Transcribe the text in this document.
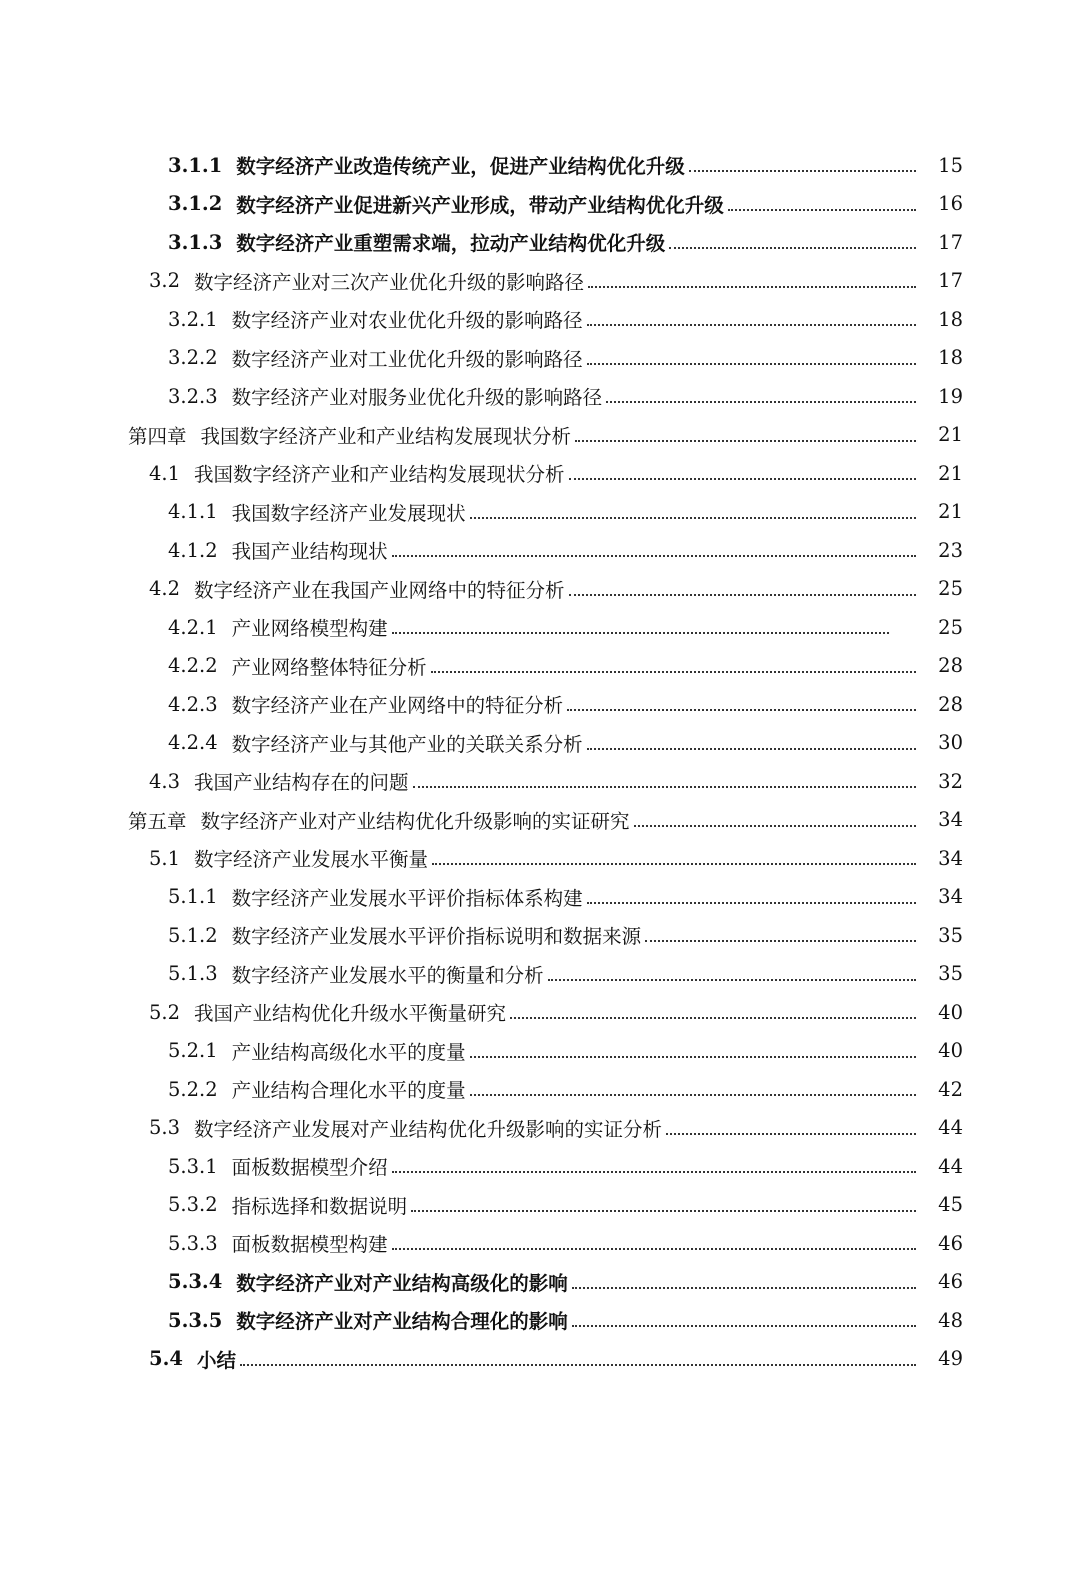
3.1.1 数字经济产业改造传统产业，促进产业结构优化升级	15
3.1.2 数字经济产业促进新兴产业形成，带动产业结构优化升级	16
3.1.3 数字经济产业重塑需求端，拉动产业结构优化升级	17
3.2 数字经济产业对三次产业优化升级的影响路径	17
3.2.1 数字经济产业对农业优化升级的影响路径	18
3.2.2 数字经济产业对工业优化升级的影响路径	18
3.2.3 数字经济产业对服务业优化升级的影响路径	19
第四章 我国数字经济产业和产业结构发展现状分析	21
4.1 我国数字经济产业和产业结构发展现状分析	21
4.1.1 我国数字经济产业发展现状	21
4.1.2 我国产业结构现状	23
4.2 数字经济产业在我国产业网络中的特征分析	25
4.2.1 产业网络模型构建	25
4.2.2 产业网络整体特征分析	28
4.2.3 数字经济产业在产业网络中的特征分析	28
4.2.4 数字经济产业与其他产业的关联关系分析	30
4.3 我国产业结构存在的问题	32
第五章 数字经济产业对产业结构优化升级影响的实证研究	34
5.1 数字经济产业发展水平衡量	34
5.1.1 数字经济产业发展水平评价指标体系构建	34
5.1.2 数字经济产业发展水平评价指标说明和数据来源	35
5.1.3 数字经济产业发展水平的衡量和分析	35
5.2 我国产业结构优化升级水平衡量研究	40
5.2.1 产业结构高级化水平的度量	40
5.2.2 产业结构合理化水平的度量	42
5.3 数字经济产业发展对产业结构优化升级影响的实证分析	44
5.3.1 面板数据模型介绍	44
5.3.2 指标选择和数据说明	45
5.3.3 面板数据模型构建	46
5.3.4 数字经济产业对产业结构高级化的影响	46
5.3.5 数字经济产业对产业结构合理化的影响	48
5.4 小结	49
